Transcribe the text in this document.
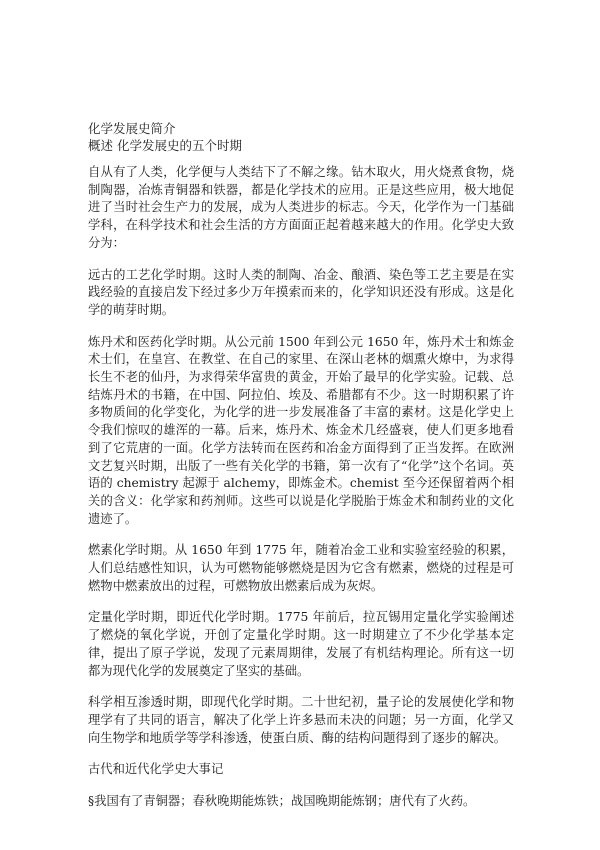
化学发展史简介

概述 化学发展史的五个时期

自从有了人类，化学便与人类结下了不解之缘。钻木取火，用火烧煮食物，烧制陶器，冶炼青铜器和铁器，都是化学技术的应用。正是这些应用，极大地促进了当时社会生产力的发展，成为人类进步的标志。今天，化学作为一门基础学科，在科学技术和社会生活的方方面面正起着越来越大的作用。化学史大致分为：

远古的工艺化学时期。这时人类的制陶、冶金、酿酒、染色等工艺主要是在实践经验的直接启发下经过多少万年摸索而来的，化学知识还没有形成。这是化学的萌芽时期。

炼丹术和医药化学时期。从公元前 1500 年到公元 1650 年，炼丹术士和炼金术士们，在皇宫、在教堂、在自己的家里、在深山老林的烟熏火燎中，为求得长生不老的仙丹，为求得荣华富贵的黄金，开始了最早的化学实验。记载、总结炼丹术的书籍，在中国、阿拉伯、埃及、希腊都有不少。这一时期积累了许多物质间的化学变化，为化学的进一步发展准备了丰富的素材。这是化学史上令我们惊叹的雄浑的一幕。后来，炼丹术、炼金术几经盛衰，使人们更多地看到了它荒唐的一面。化学方法转而在医药和冶金方面得到了正当发挥。在欧洲文艺复兴时期，出版了一些有关化学的书籍，第一次有了“化学”这个名词。英语的 chemistry 起源于 alchemy，即炼金术。chemist 至今还保留着两个相关的含义：化学家和药剂师。这些可以说是化学脱胎于炼金术和制药业的文化遗迹了。

燃素化学时期。从 1650 年到 1775 年，随着冶金工业和实验室经验的积累，人们总结感性知识，认为可燃物能够燃烧是因为它含有燃素，燃烧的过程是可燃物中燃素放出的过程，可燃物放出燃素后成为灰烬。

定量化学时期，即近代化学时期。1775 年前后，拉瓦锡用定量化学实验阐述了燃烧的氧化学说，开创了定量化学时期。这一时期建立了不少化学基本定律，提出了原子学说，发现了元素周期律，发展了有机结构理论。所有这一切都为现代化学的发展奠定了坚实的基础。

科学相互渗透时期，即现代化学时期。二十世纪初，量子论的发展使化学和物理学有了共同的语言，解决了化学上许多悬而未决的问题；另一方面，化学又向生物学和地质学等学科渗透，使蛋白质、酶的结构问题得到了逐步的解决。

古代和近代化学史大事记

§我国有了青铜器；春秋晚期能炼铁；战国晚期能炼钢；唐代有了火药。
